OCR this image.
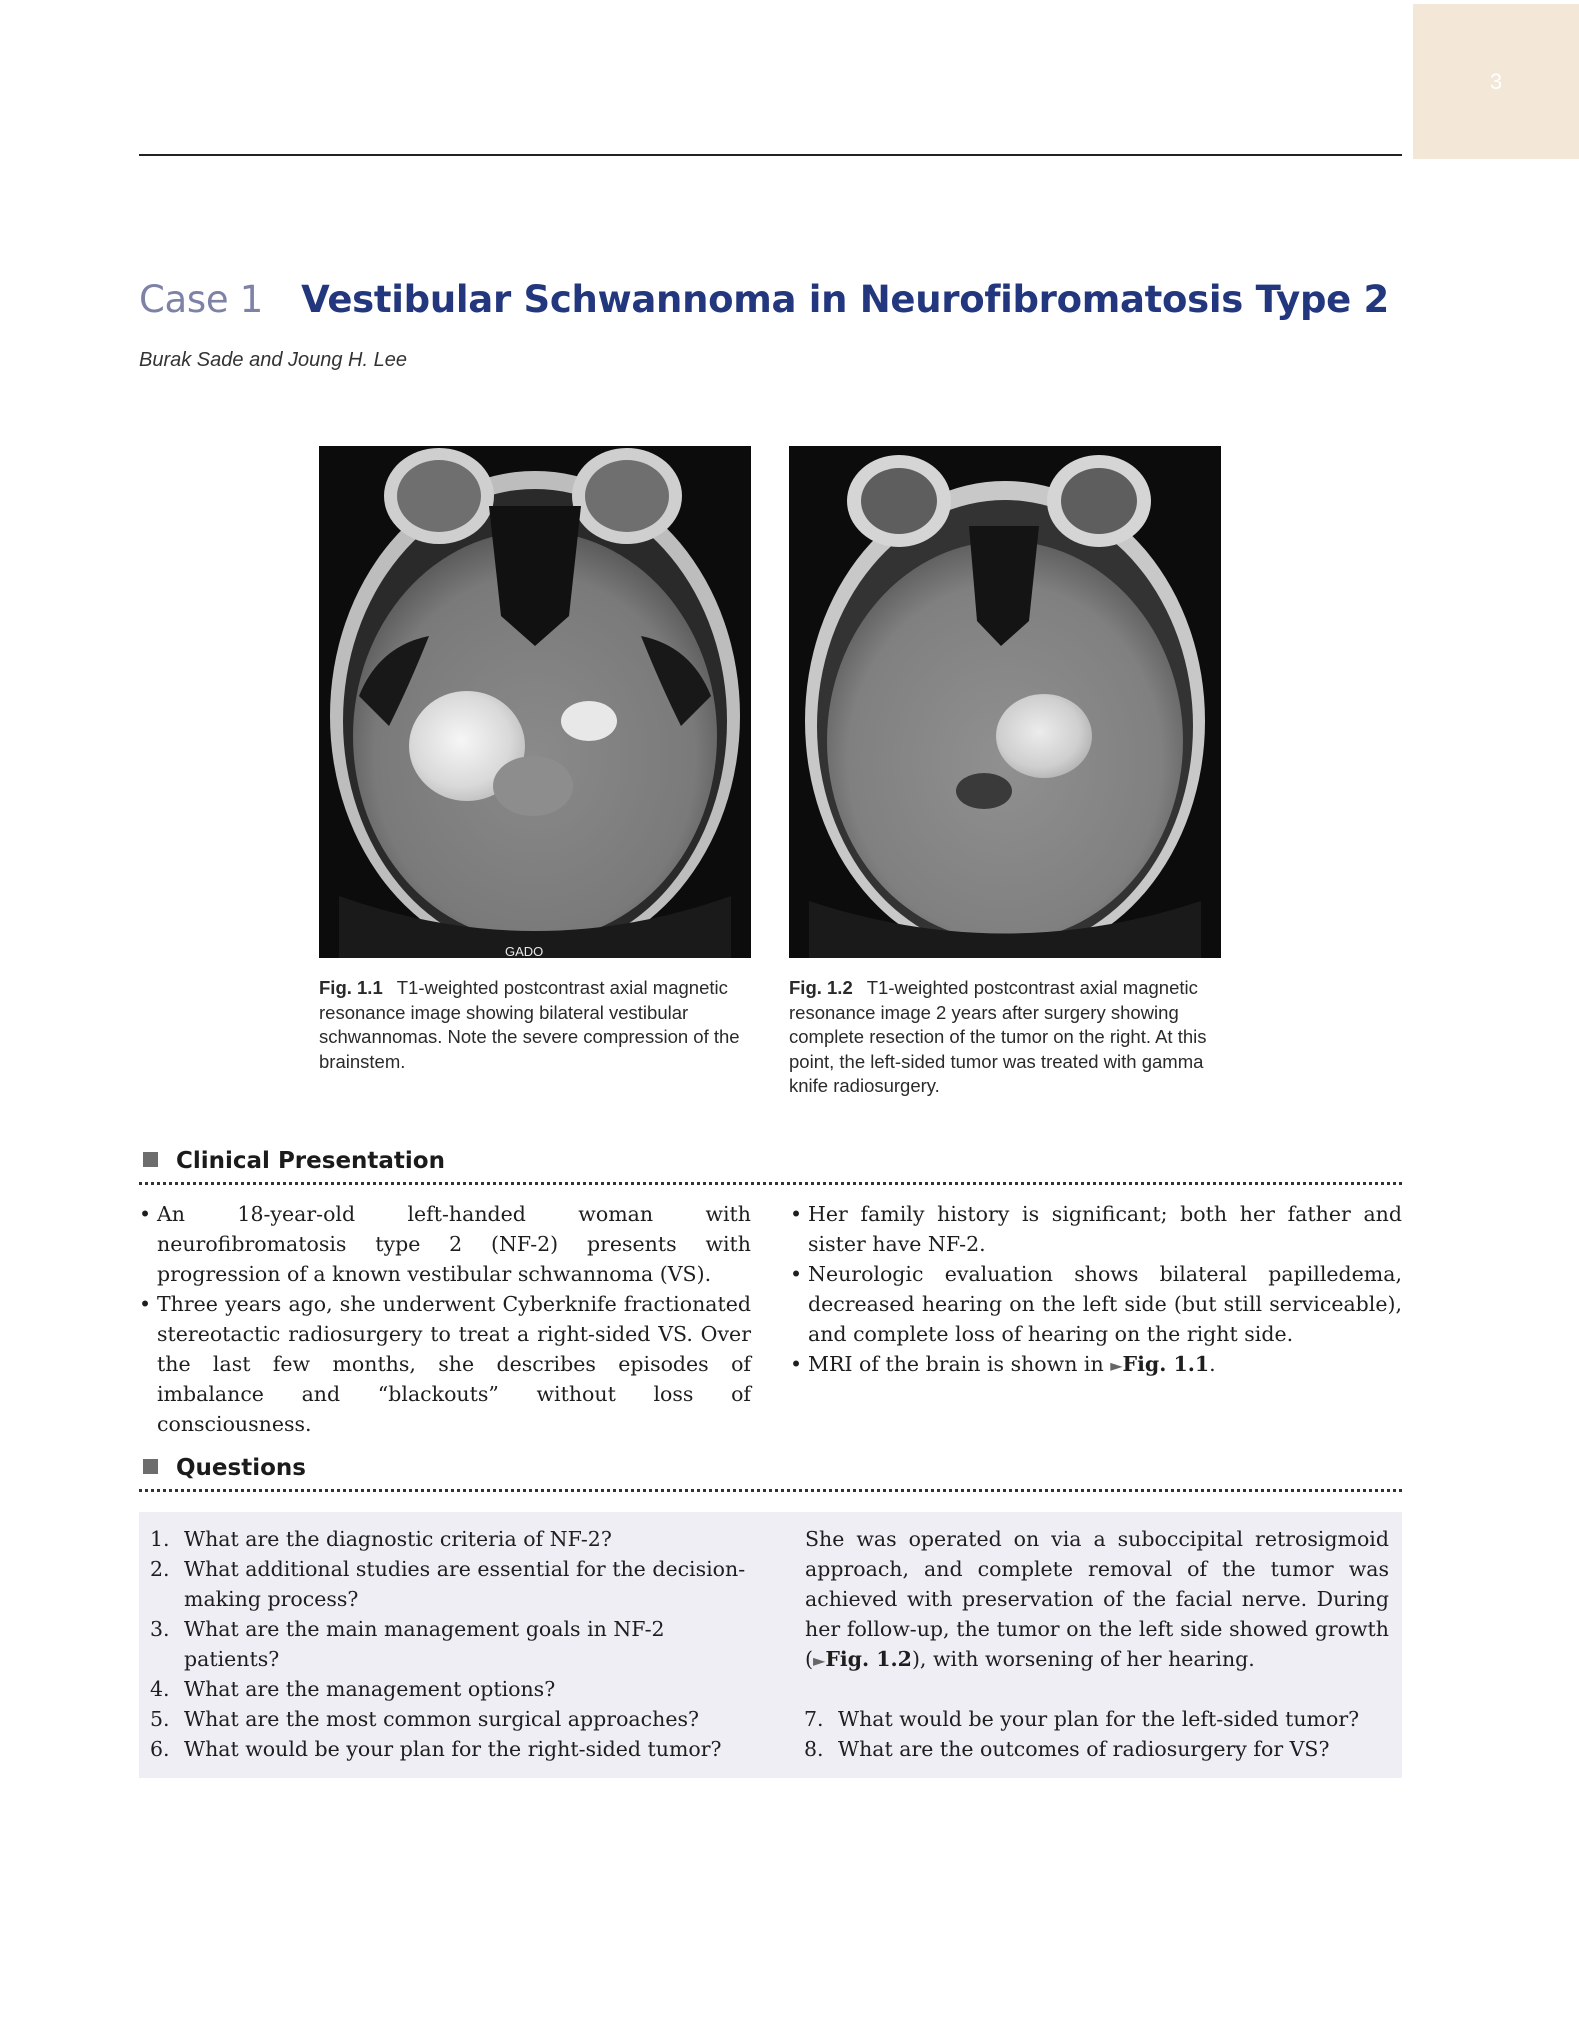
3
Case 1 Vestibular Schwannoma in Neurofibromatosis Type 2
Burak Sade and Joung H. Lee
Fig. 1.1 T1-weighted postcontrast axial magnetic resonance image showing bilateral vestibular schwannomas. Note the severe compression of the brainstem.
GADO
Fig. 1.2 T1-weighted postcontrast axial magnetic resonance image 2 years after surgery showing complete resection of the tumor on the right. At this point, the left-sided tumor was treated with gamma knife radiosurgery.
Clinical Presentation
• An 18-year-old left-handed woman with neurofibromatosis type 2 (NF-2) presents with progression of a known vestibular schwannoma (VS).
• Three years ago, she underwent Cyberknife fractionated stereotactic radiosurgery to treat a right-sided VS. Over the last few months, she describes episodes of imbalance and “blackouts” without loss of consciousness.
• Her family history is significant; both her father and sister have NF-2.
• Neurologic evaluation shows bilateral papilledema, decreased hearing on the left side (but still serviceable), and complete loss of hearing on the right side.
• MRI of the brain is shown in ►Fig. 1.1.
Questions
1. What are the diagnostic criteria of NF-2?
2. What additional studies are essential for the decision-making process?
3. What are the main management goals in NF-2 patients?
4. What are the management options?
5. What are the most common surgical approaches?
6. What would be your plan for the right-sided tumor?

She was operated on via a suboccipital retrosigmoid approach, and complete removal of the tumor was achieved with preservation of the facial nerve. During her follow-up, the tumor on the left side showed growth (►Fig. 1.2), with worsening of her hearing.

7. What would be your plan for the left-sided tumor?
8. What are the outcomes of radiosurgery for VS?
